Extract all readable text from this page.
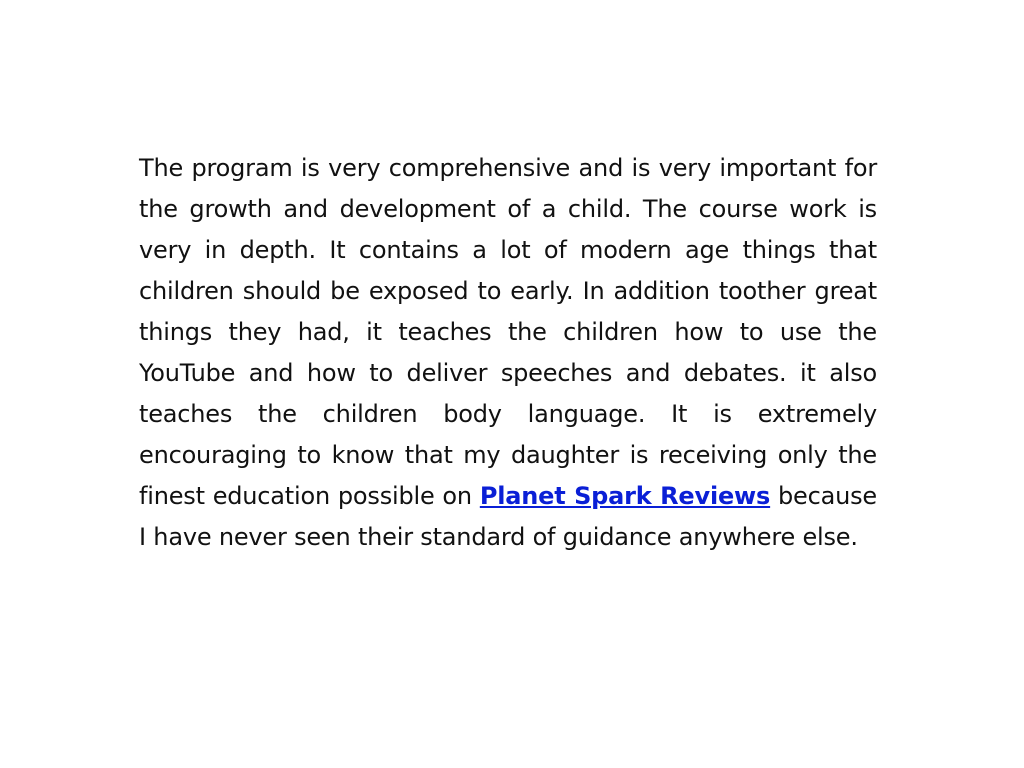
The program is very comprehensive and is very important for the growth and development of a child. The course work is very in depth. It contains a lot of modern age things that children should be exposed to early. In addition toother great things they had, it teaches the children how to use the YouTube and how to deliver speeches and debates. it also teaches the children body language. It is extremely encouraging to know that my daughter is receiving only the finest education possible on Planet Spark Reviews because I have never seen their standard of guidance anywhere else.
